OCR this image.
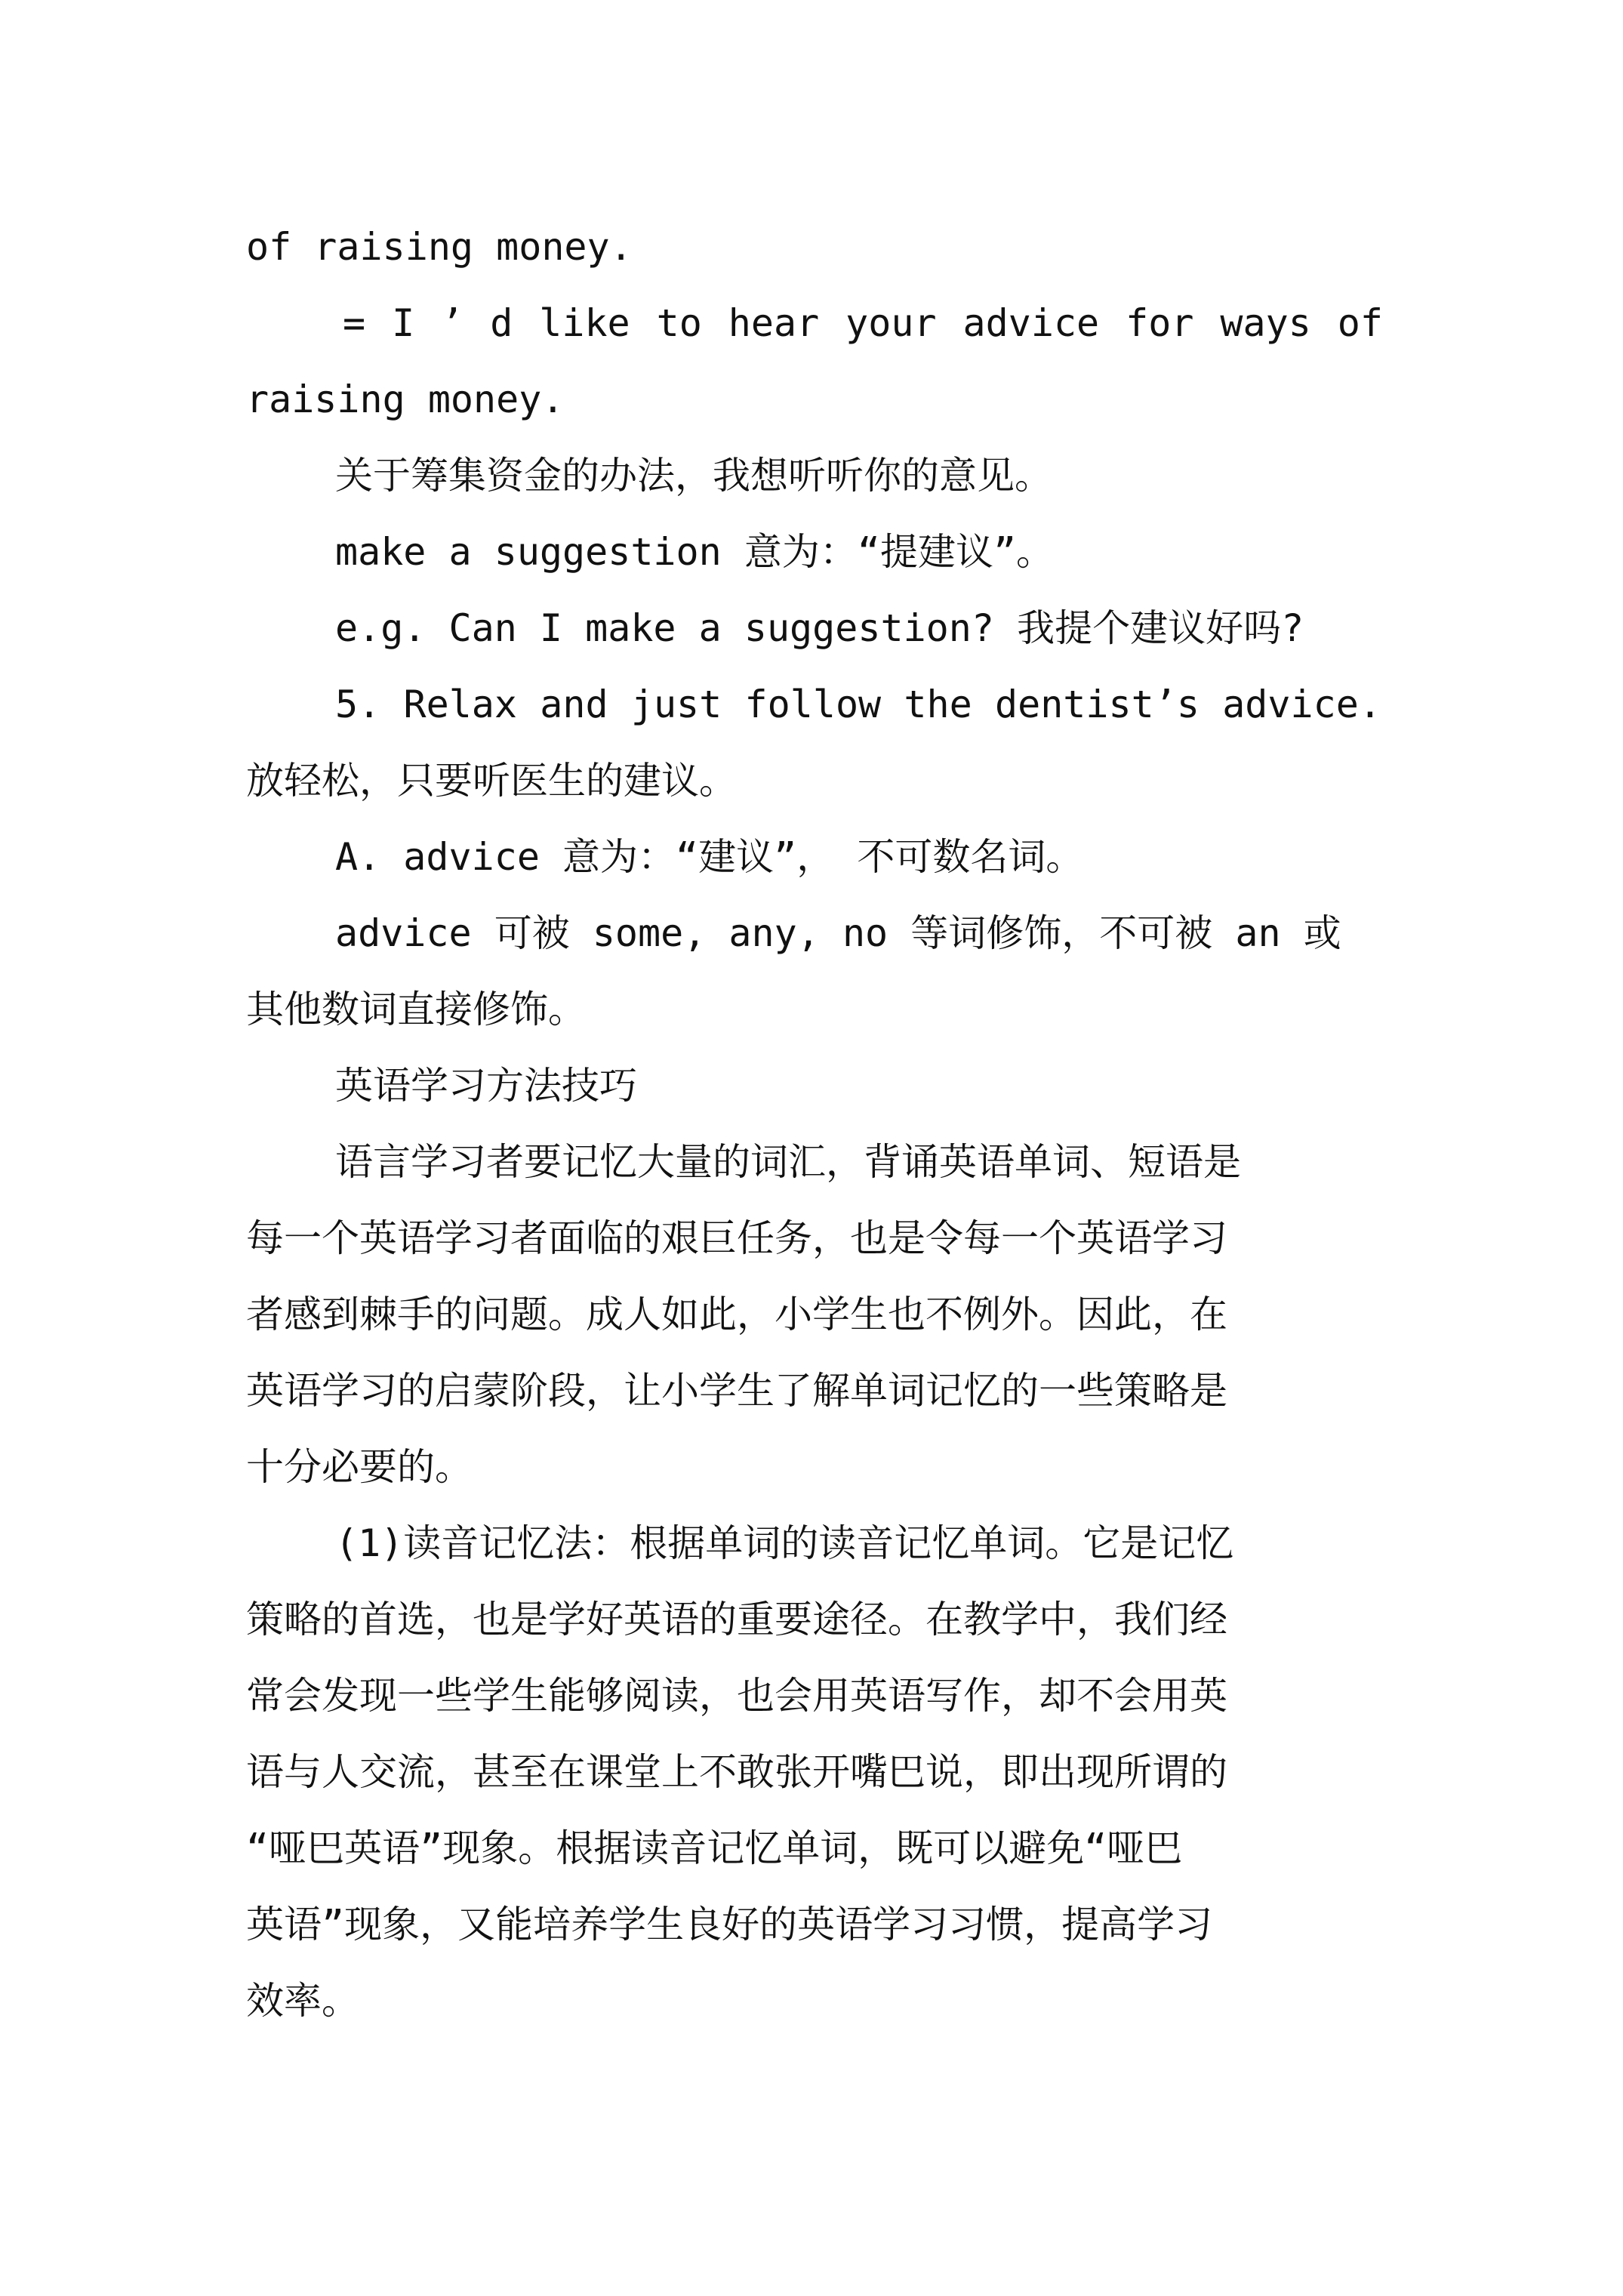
of raising money.

= I ’ d like to hear your advice for ways of

raising money.

关于筹集资金的办法，我想听听你的意见。

make a suggestion 意为：“提建议”。

e.g. Can I make a suggestion? 我提个建议好吗?

5. Relax and just follow the dentist’s advice.

放轻松，只要听医生的建议。

A. advice 意为：“建议”， 不可数名词。

advice 可被 some, any, no 等词修饰，不可被 an 或

其他数词直接修饰。

英语学习方法技巧

语言学习者要记忆大量的词汇，背诵英语单词、短语是

每一个英语学习者面临的艰巨任务，也是令每一个英语学习

者感到棘手的问题。成人如此，小学生也不例外。因此，在

英语学习的启蒙阶段，让小学生了解单词记忆的一些策略是

十分必要的。

(1)读音记忆法：根据单词的读音记忆单词。它是记忆

策略的首选，也是学好英语的重要途径。在教学中，我们经

常会发现一些学生能够阅读，也会用英语写作，却不会用英

语与人交流，甚至在课堂上不敢张开嘴巴说，即出现所谓的

“哑巴英语”现象。根据读音记忆单词，既可以避免“哑巴

英语”现象，又能培养学生良好的英语学习习惯，提高学习

效率。
